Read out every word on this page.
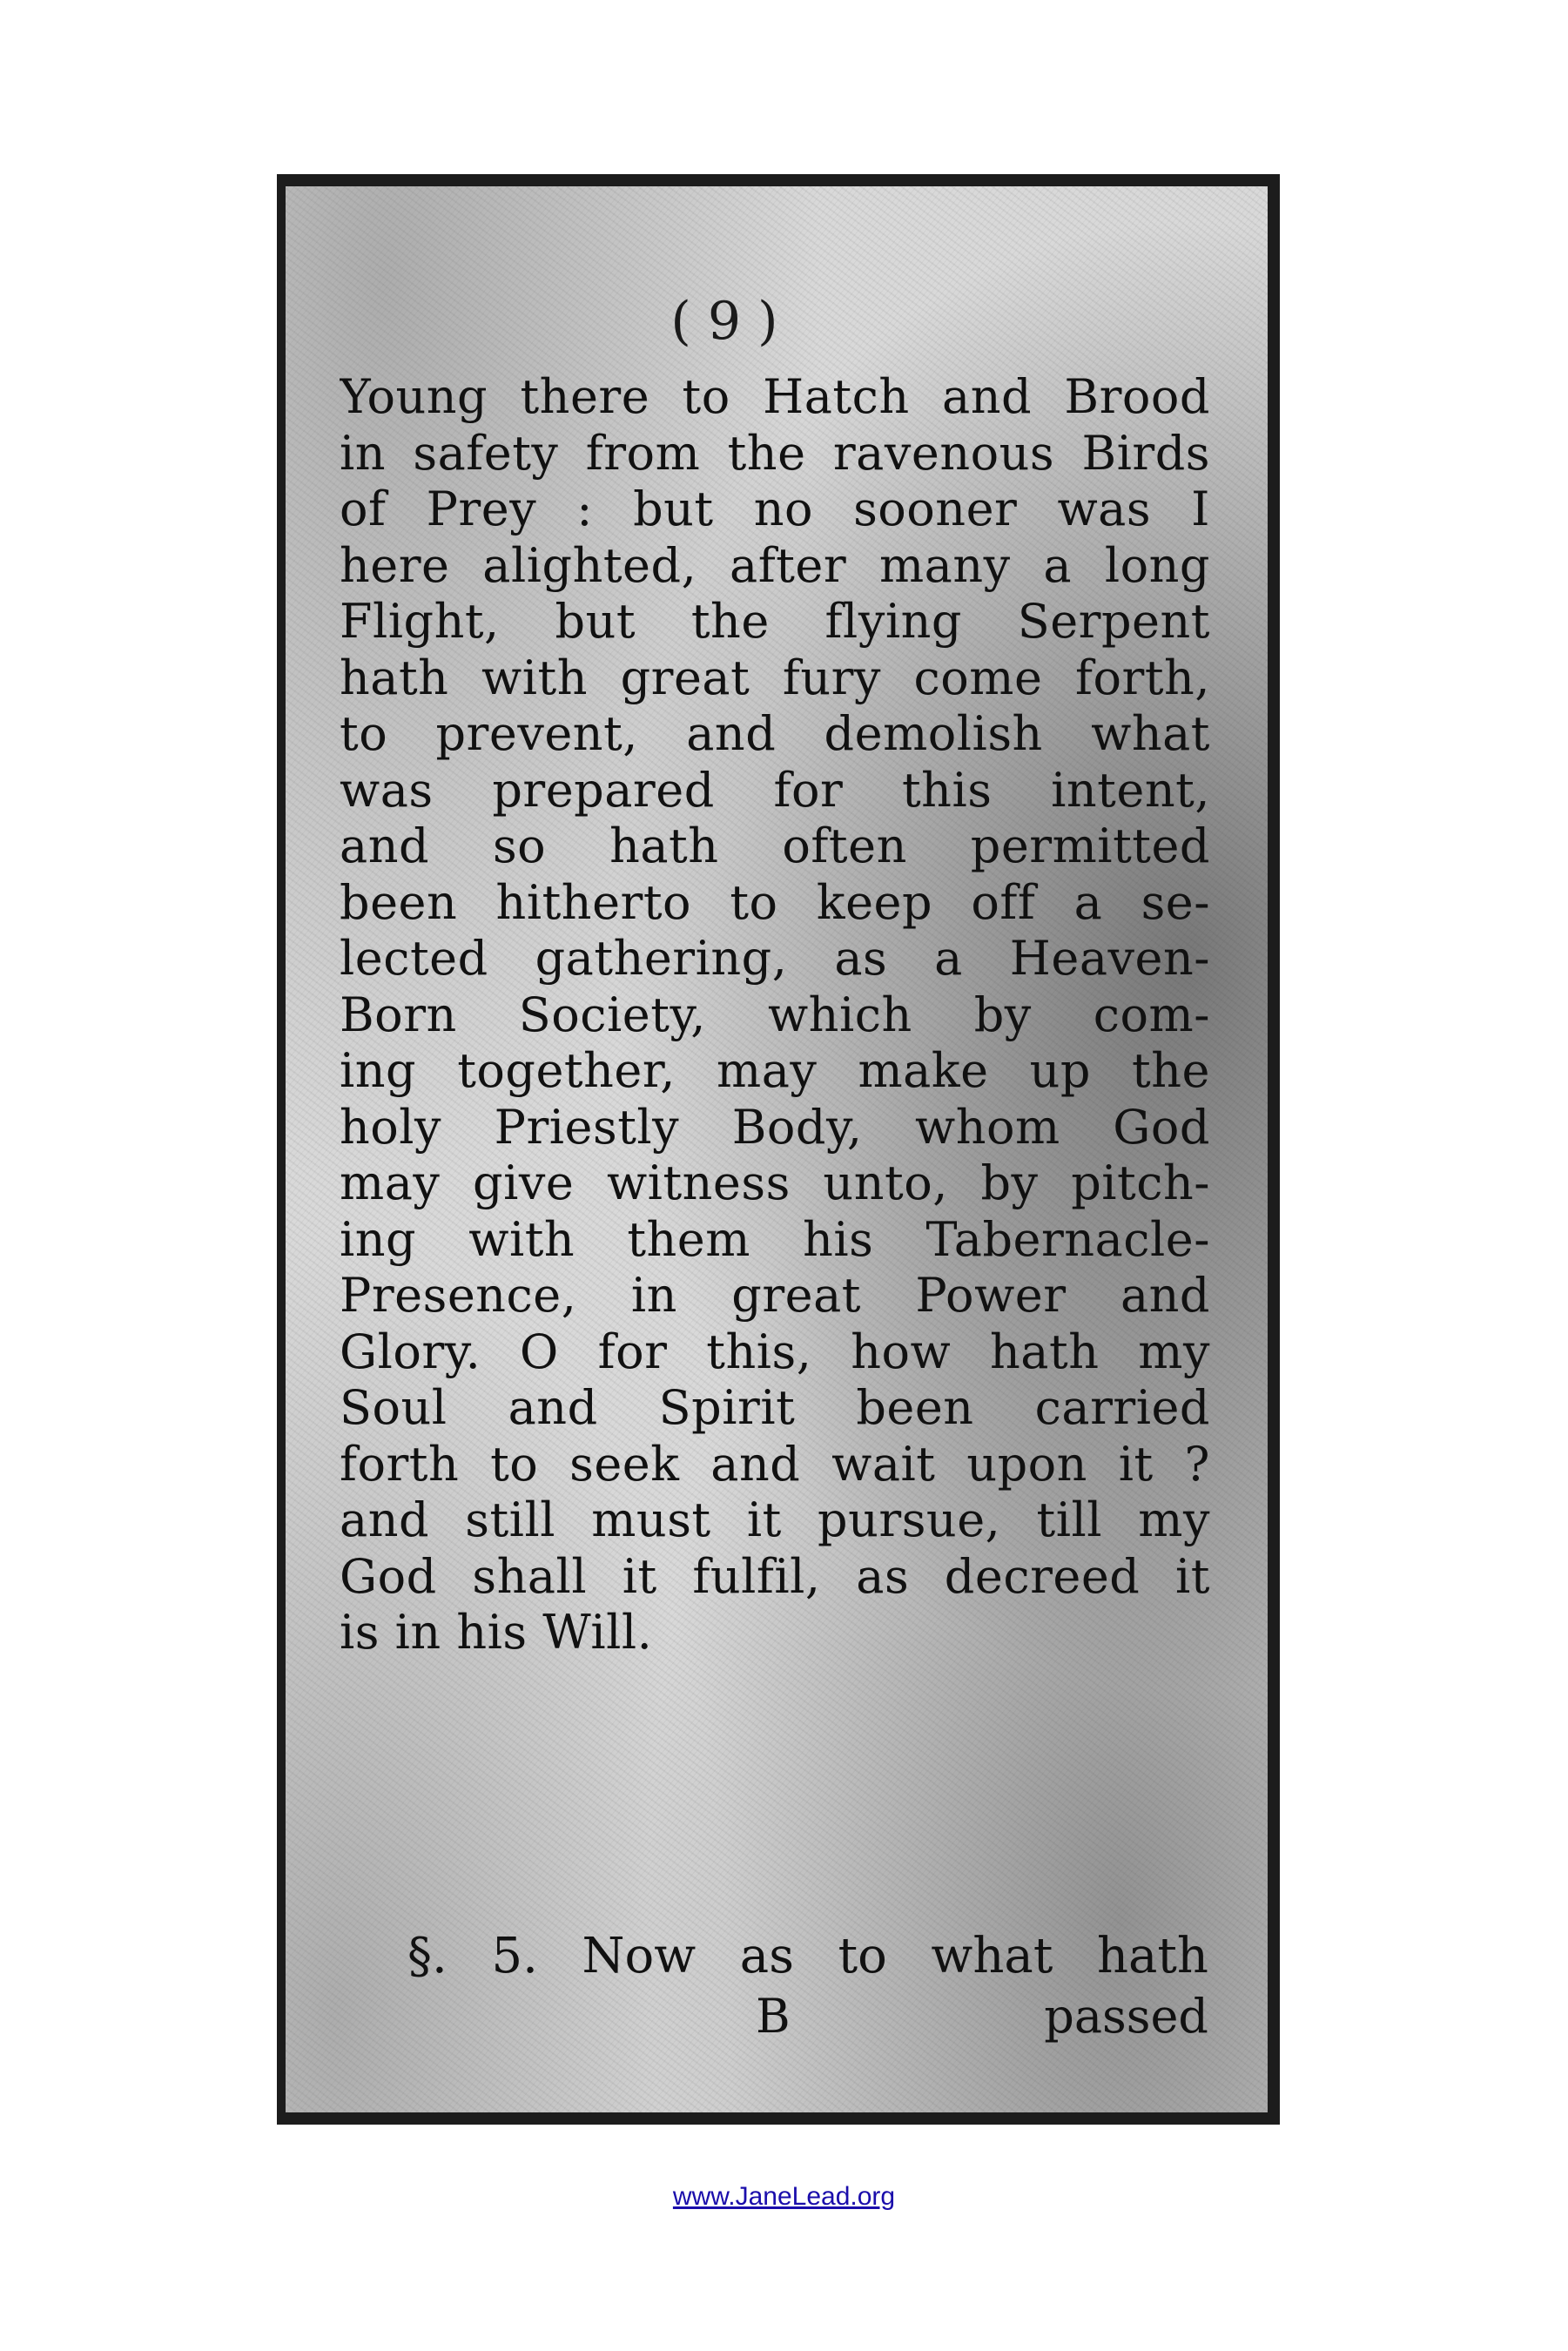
( 9 )
Young there to Hatch and Brood
in safety from the ravenous Birds
of Prey : but no sooner was I
here alighted, after many a long
Flight, but the flying Serpent
hath with great fury come forth,
to prevent, and demolish what
was prepared for this intent,
and so hath often permitted
been hitherto to keep off a se-
lected gathering, as a Heaven-
Born Society, which by com-
ing together, may make up the
holy Priestly Body, whom God
may give witness unto, by pitch-
ing with them his Tabernacle-
Presence, in great Power and
Glory. O for this, how hath my
Soul and Spirit been carried
forth to seek and wait upon it ?
and still must it pursue, till my
God shall it fulfil, as decreed it
is in his Will.
§. 5. Now as to what hath
B	passed
www.JaneLead.org
